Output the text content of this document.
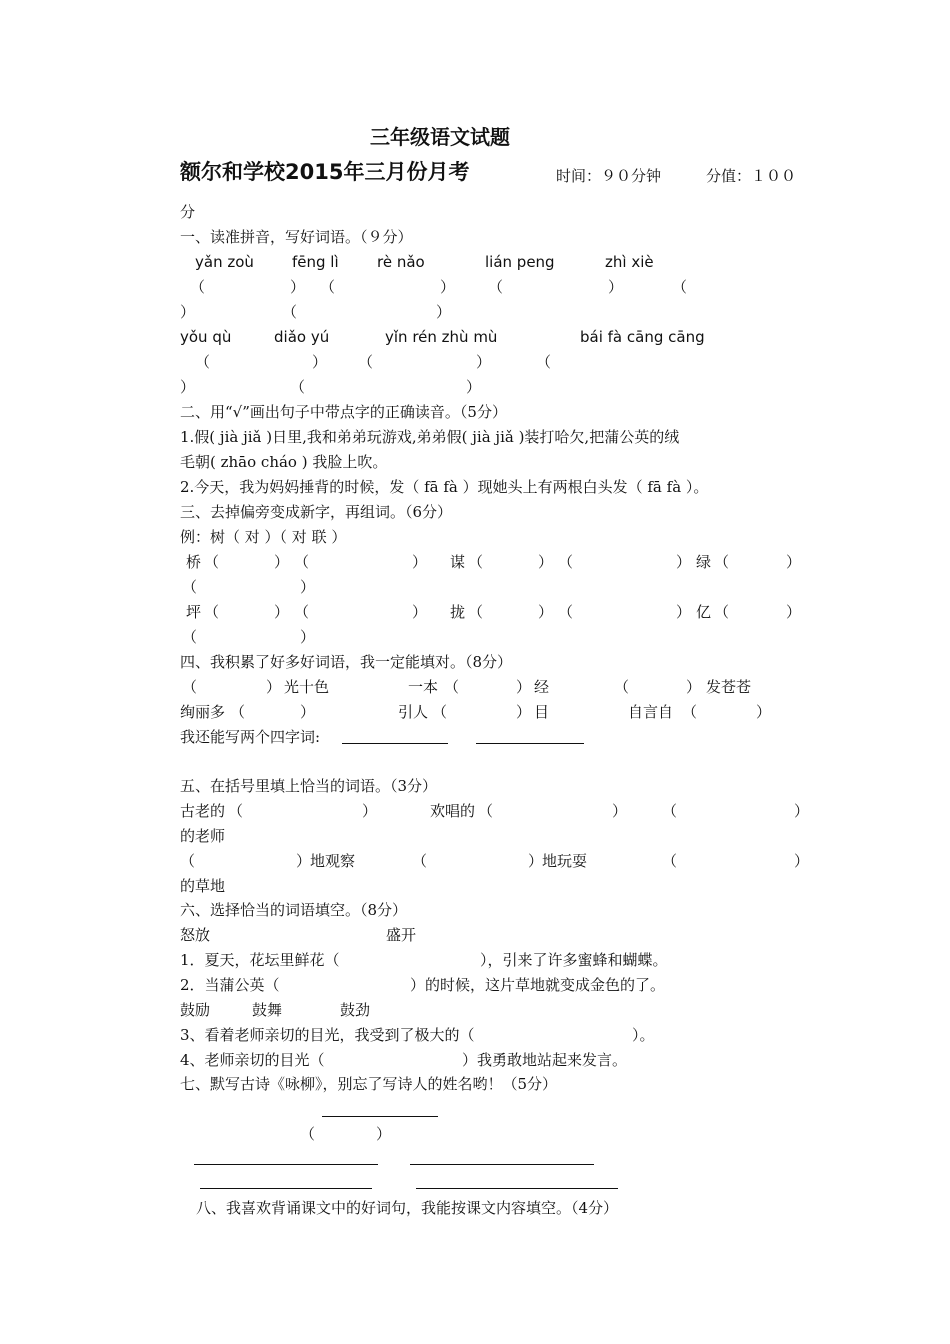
三年级语文试题
额尔和学校2015年三月份月考	时间：９０分钟	分值：１００
分
一、读准拼音，写好词语。（９分）
yǎn zoù	fēng lì	rè nǎo	lián peng	zhì xiè
（	） （	） （	）	（
）	（	）
yǒu qù	diǎo yú	yǐn rén zhù mù	bái fà cāng cāng
（	） （	）	（
）	（	）
二、用“√”画出句子中带点字的正确读音。（5分）
1.假( jià jiǎ )日里,我和弟弟玩游戏,弟弟假( jià jiǎ )装打哈欠,把蒲公英的绒
毛朝( zhāo cháo ) 我脸上吹。
2.今天，我为妈妈捶背的时候，发（ fā fà ）现她头上有两根白头发（ fā fà ）。
三、去掉偏旁变成新字，再组词。（6分）
例：树（ 对 ）（ 对 联 ）
桥 （	） （	） 谋 （	） （	） 绿 （	）
（	）
坪 （	） （	） 拢 （	） （	） 亿 （	）
（	）
四、我积累了好多好词语，我一定能填对。（8分）
（	） 光十色	一本 （	） 经	（	） 发苍苍
绚丽多 （	）	引人 （	） 目	自言自 （	）
我还能写两个四字词:
五、在括号里填上恰当的词语。（3分）
古老的 （	）	欢唱的 （	） （	）
的老师
（	）
地观察	（	）
地玩耍	（	）
的草地
六、选择恰当的词语填空。（8分）
怒放	盛开
1．夏天，花坛里鲜花（	），引来了许多蜜蜂和蝴蝶。
2．当蒲公英（	）的时候，这片草地就变成金色的了。
鼓励	鼓舞	鼓劲
3、看着老师亲切的目光，我受到了极大的（	）。
4、老师亲切的目光（	）我勇敢地站起来发言。
七、默写古诗《咏柳》，别忘了写诗人的姓名哟！（5分）
（	）
八、我喜欢背诵课文中的好词句，我能按课文内容填空。（4分）
